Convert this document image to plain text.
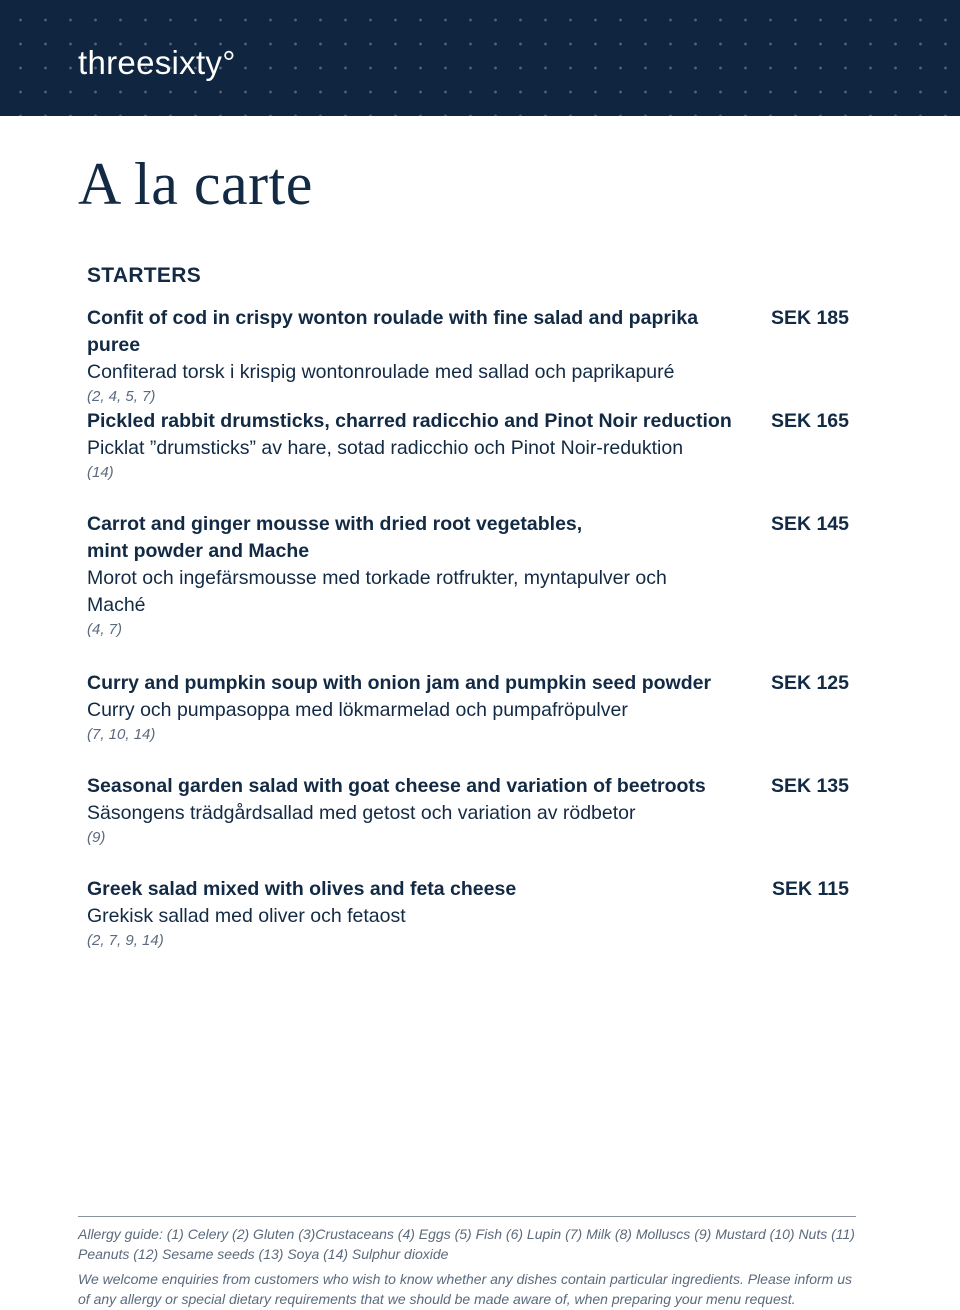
threesixty°
A la carte
STARTERS
Confit of cod in crispy wonton roulade with fine salad and paprika puree
Confiterad torsk i krispig wontonroulade med sallad och paprikapuré
(2, 4, 5, 7)
SEK 185
Pickled rabbit drumsticks, charred radicchio and Pinot Noir reduction
Picklat ”drumsticks” av hare, sotad radicchio och Pinot Noir-reduktion
(14)
SEK 165
Carrot and ginger mousse with dried root vegetables, mint powder and Mache
Morot och ingefärsmousse med torkade rotfrukter, myntapulver och Maché
(4, 7)
SEK 145
Curry and pumpkin soup with onion jam and pumpkin seed powder
Curry och pumpasoppa med lökmarmelad och pumpafröpulver
(7, 10, 14)
SEK 125
Seasonal garden salad with goat cheese and variation of beetroots
Säsongens trädgårdsallad med getost och variation av rödbetor
(9)
SEK 135
Greek salad mixed with olives and feta cheese
Grekisk sallad med oliver och fetaost
(2, 7, 9, 14)
SEK 115
Allergy guide: (1) Celery (2) Gluten (3)Crustaceans (4) Eggs (5) Fish (6) Lupin (7) Milk (8) Molluscs (9) Mustard (10) Nuts (11) Peanuts (12) Sesame seeds (13) Soya (14) Sulphur dioxide
We welcome enquiries from customers who wish to know whether any dishes contain particular ingredients. Please inform us of any allergy or special dietary requirements that we should be made aware of, when preparing your menu request.
